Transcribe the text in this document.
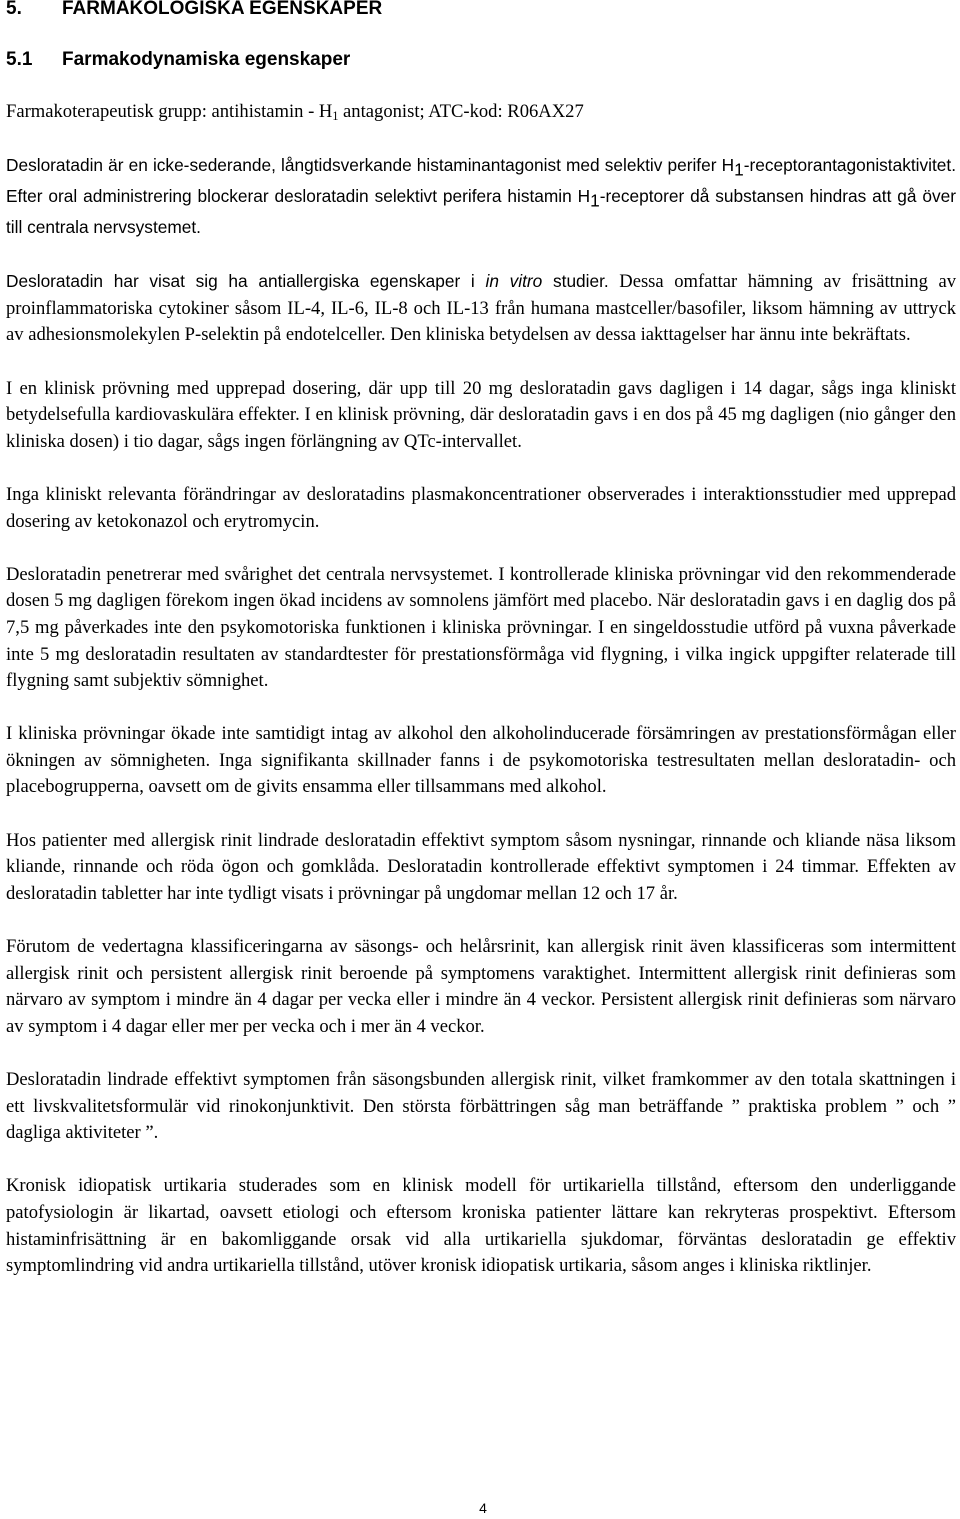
5. FARMAKOLOGISKA EGENSKAPER
5.1 Farmakodynamiska egenskaper

Farmakoterapeutisk grupp: antihistamin - $H_1$ antagonist; ATC-kod: R06AX27

Desloratadin är en icke-sederande, långtidsverkande histaminantagonist med selektiv perifer $H_1$-receptorantagonistaktivitet. Efter oral administrering blockerar desloratadin selektivt perifera histamin $H_1$-receptorer då substansen hindras att gå över till centrala nervsystemet.

Desloratadin har visat sig ha antiallergiska egenskaper i in vitro studier. Dessa omfattar hämning av frisättning av proinflammatoriska cytokiner såsom IL-4, IL-6, IL-8 och IL-13 från humana mastceller/basofiler, liksom hämning av uttryck av adhesionsmolekylen P-selektin på endotelceller. Den kliniska betydelsen av dessa iakttagelser har ännu inte bekräftats.

I en klinisk prövning med upprepad dosering, där upp till 20 mg desloratadin gavs dagligen i 14 dagar, sågs inga kliniskt betydelsefulla kardiovaskulära effekter. I en klinisk prövning, där desloratadin gavs i en dos på 45 mg dagligen (nio gånger den kliniska dosen) i tio dagar, sågs ingen förlängning av QTc-intervallet.

Inga kliniskt relevanta förändringar av desloratadins plasmakoncentrationer observerades i interaktionsstudier med upprepad dosering av ketokonazol och erytromycin.

Desloratadin penetrerar med svårighet det centrala nervsystemet. I kontrollerade kliniska prövningar vid den rekommenderade dosen 5 mg dagligen förekom ingen ökad incidens av somnolens jämfört med placebo. När desloratadin gavs i en daglig dos på 7,5 mg påverkades inte den psykomotoriska funktionen i kliniska prövningar. I en singeldosstudie utförd på vuxna påverkade inte 5 mg desloratadin resultaten av standardtester för prestationsförmåga vid flygning, i vilka ingick uppgifter relaterade till flygning samt subjektiv sömnighet.

I kliniska prövningar ökade inte samtidigt intag av alkohol den alkoholinducerade försämringen av prestationsförmågan eller ökningen av sömnigheten. Inga signifikanta skillnader fanns i de psykomotoriska testresultaten mellan desloratadin- och placebogrupperna, oavsett om de givits ensamma eller tillsammans med alkohol.

Hos patienter med allergisk rinit lindrade desloratadin effektivt symptom såsom nysningar, rinnande och kliande näsa liksom kliande, rinnande och röda ögon och gomklåda. Desloratadin kontrollerade effektivt symptomen i 24 timmar. Effekten av desloratadin tabletter har inte tydligt visats i prövningar på ungdomar mellan 12 och 17 år.

Förutom de vedertagna klassificeringarna av säsongs- och helårsrinit, kan allergisk rinit även klassificeras som intermittent allergisk rinit och persistent allergisk rinit beroende på symptomens varaktighet. Intermittent allergisk rinit definieras som närvaro av symptom i mindre än 4 dagar per vecka eller i mindre än 4 veckor. Persistent allergisk rinit definieras som närvaro av symptom i 4 dagar eller mer per vecka och i mer än 4 veckor.

Desloratadin lindrade effektivt symptomen från säsongsbunden allergisk rinit, vilket framkommer av den totala skattningen i ett livskvalitetsformulär vid rinokonjunktivit. Den största förbättringen såg man beträffande ” praktiska problem ” och ” dagliga aktiviteter ”.

Kronisk idiopatisk urtikaria studerades som en klinisk modell för urtikariella tillstånd, eftersom den underliggande patofysiologin är likartad, oavsett etiologi och eftersom kroniska patienter lättare kan rekryteras prospektivt. Eftersom histaminfrisättning är en bakomliggande orsak vid alla urtikariella sjukdomar, förväntas desloratadin ge effektiv symptomlindring vid andra urtikariella tillstånd, utöver kronisk idiopatisk urtikaria, såsom anges i kliniska riktlinjer.

4
